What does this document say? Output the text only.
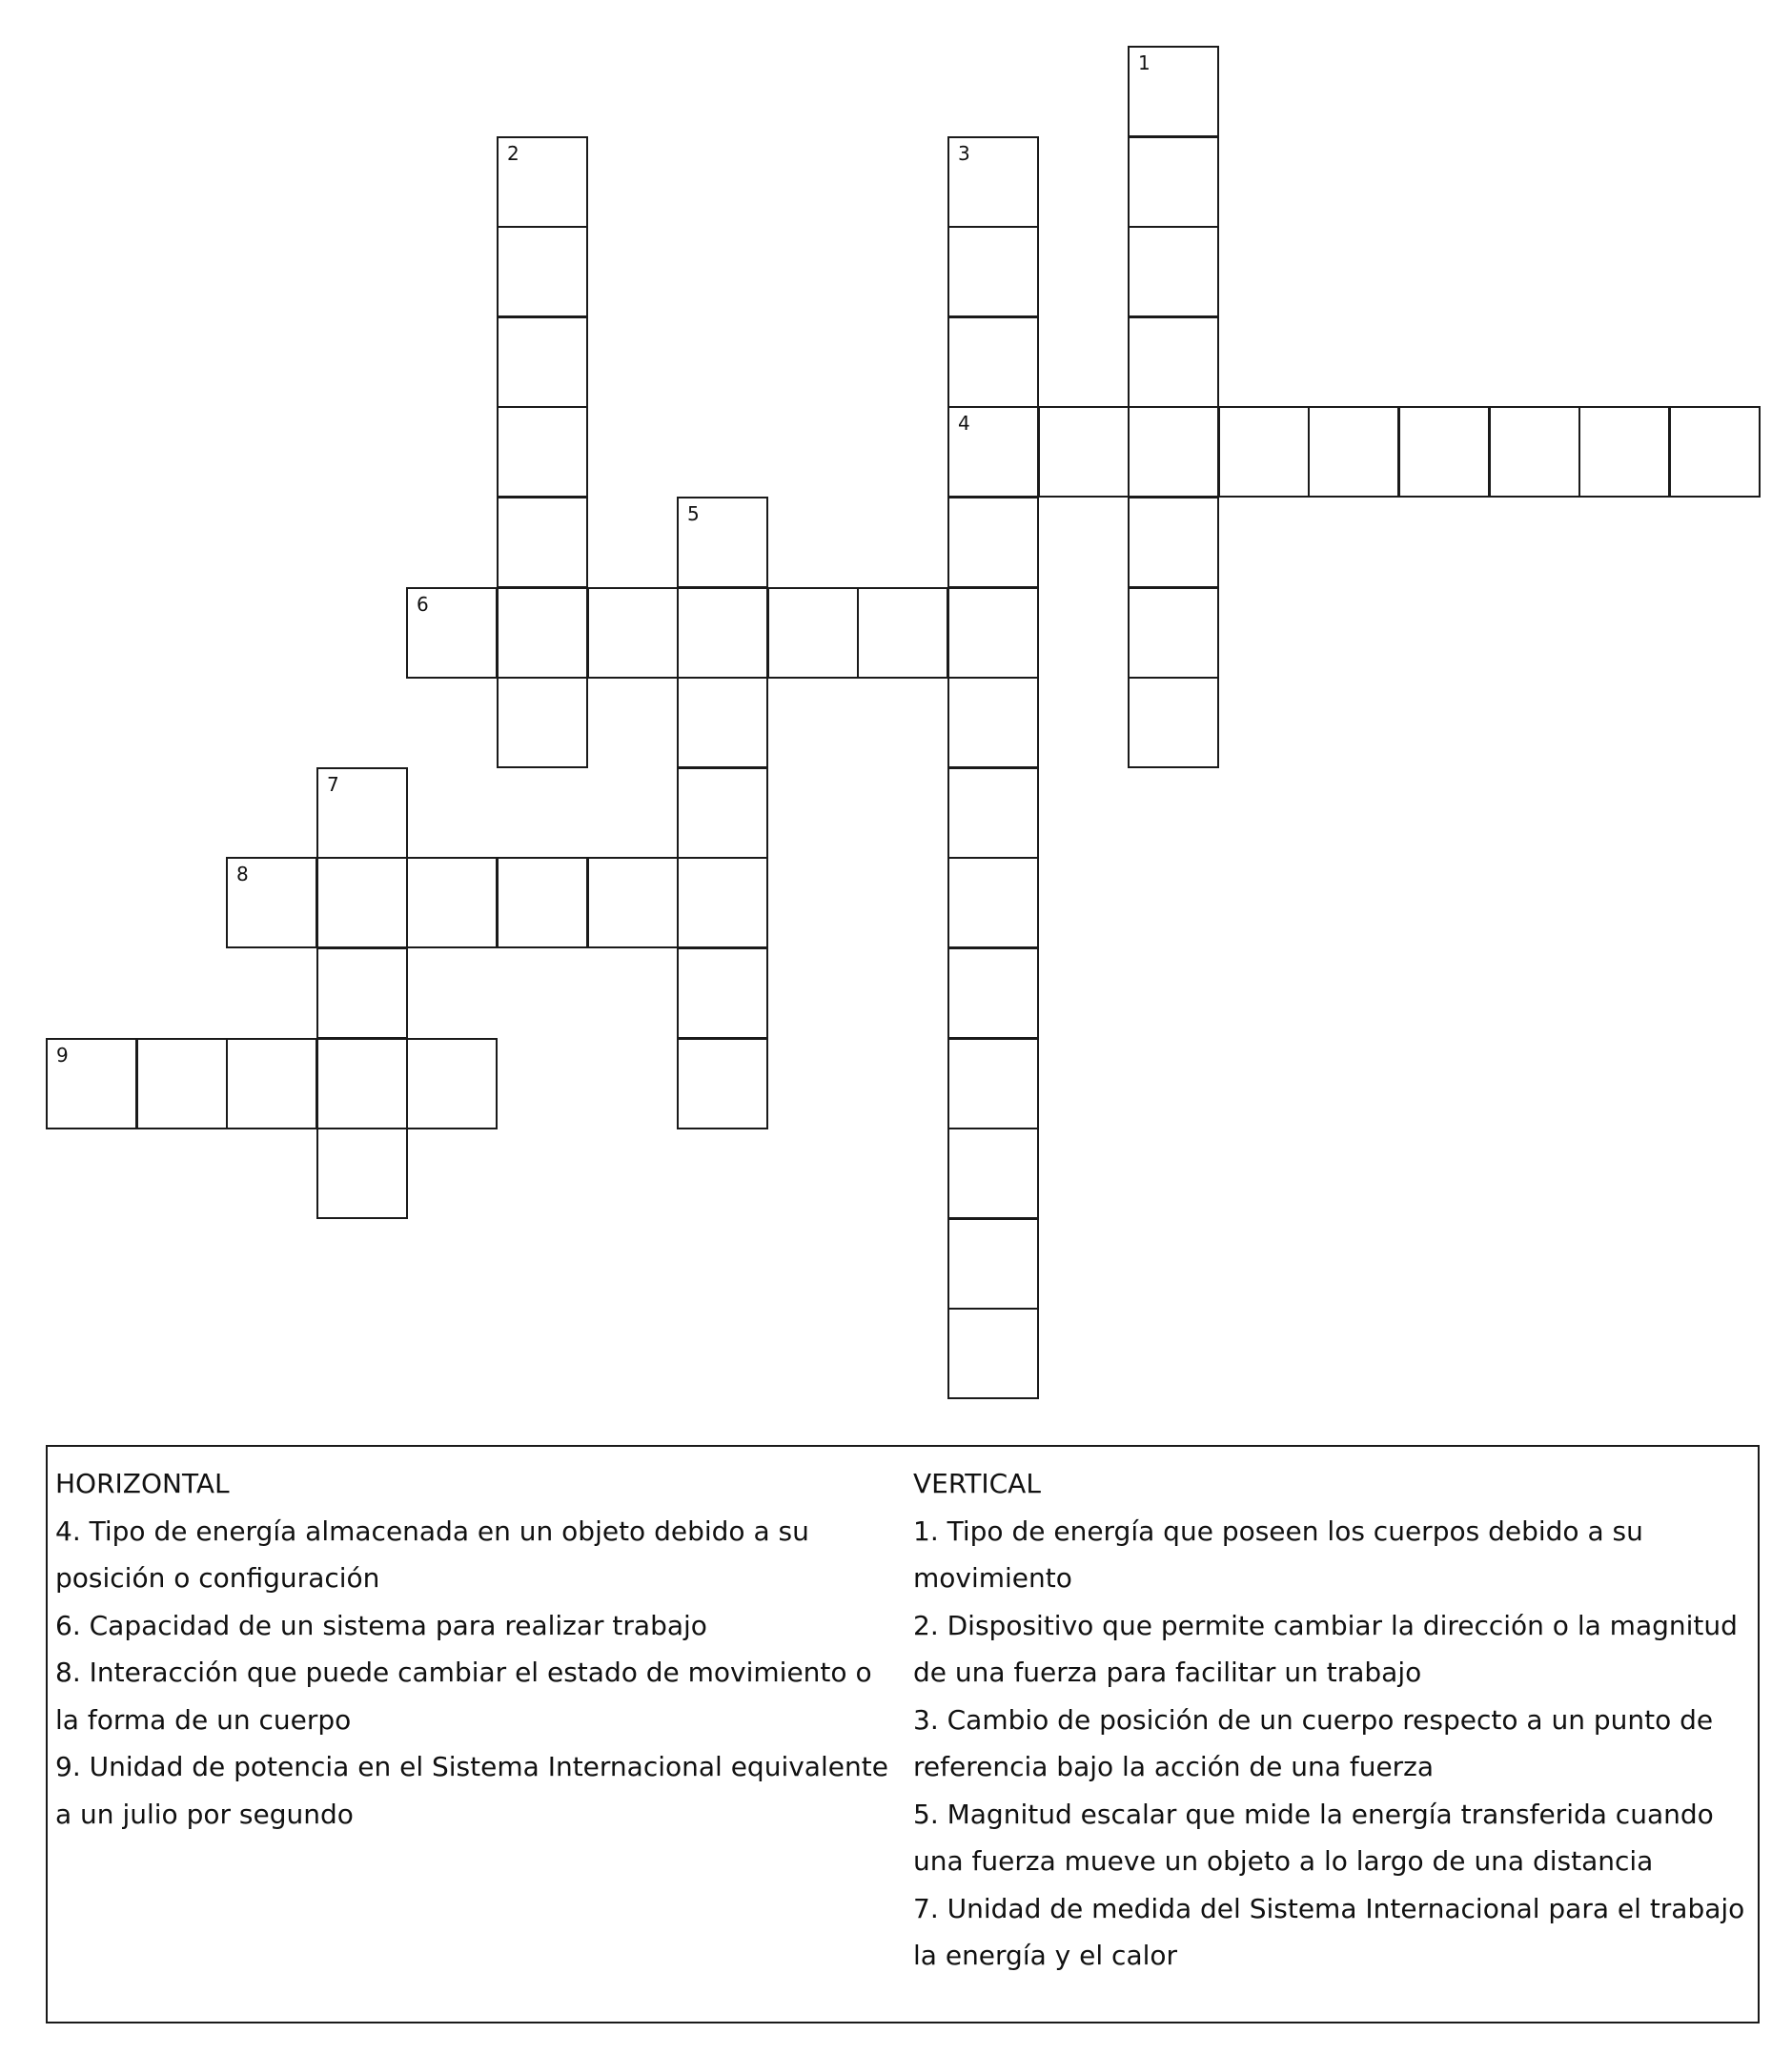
1
2	3
4
5
6
7
8
9
HORIZONTAL
4. Tipo de energía almacenada en un objeto debido a su posición o configuración
6. Capacidad de un sistema para realizar trabajo
8. Interacción que puede cambiar el estado de movimiento o la forma de un cuerpo
9. Unidad de potencia en el Sistema Internacional equivalente a un julio por segundo
VERTICAL
1. Tipo de energía que poseen los cuerpos debido a su movimiento
2. Dispositivo que permite cambiar la dirección o la magnitud de una fuerza para facilitar un trabajo
3. Cambio de posición de un cuerpo respecto a un punto de referencia bajo la acción de una fuerza
5. Magnitud escalar que mide la energía transferida cuando una fuerza mueve un objeto a lo largo de una distancia
7. Unidad de medida del Sistema Internacional para el trabajo la energía y el calor
